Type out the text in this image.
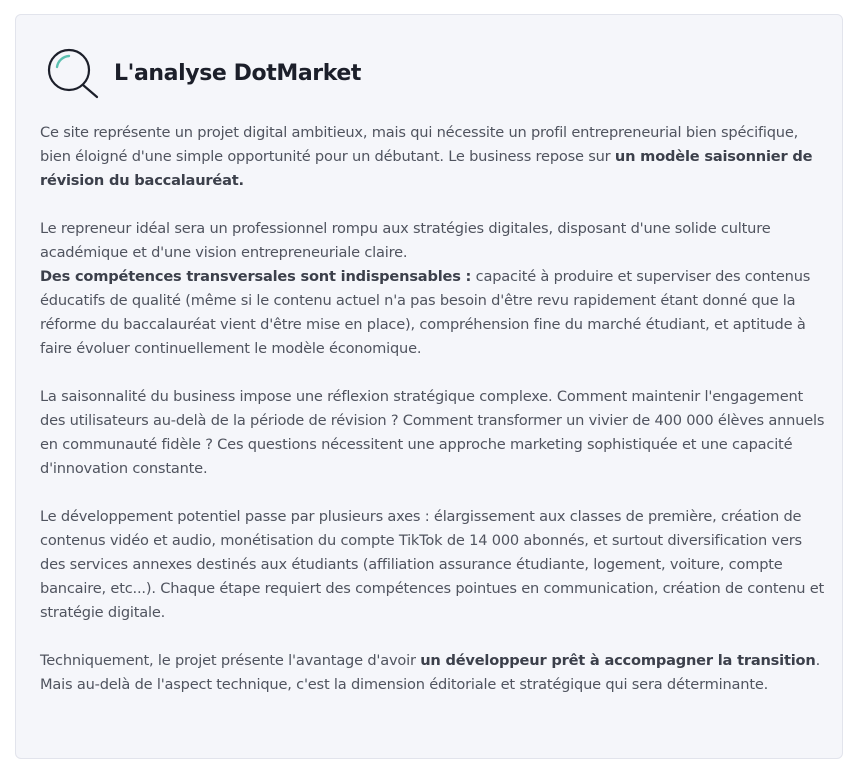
L'analyse DotMarket

Ce site représente un projet digital ambitieux, mais qui nécessite un profil entrepreneurial bien spécifique, bien éloigné d'une simple opportunité pour un débutant. Le business repose sur un modèle saisonnier de révision du baccalauréat.

Le repreneur idéal sera un professionnel rompu aux stratégies digitales, disposant d'une solide culture académique et d'une vision entrepreneuriale claire.

Des compétences transversales sont indispensables : capacité à produire et superviser des contenus éducatifs de qualité (même si le contenu actuel n'a pas besoin d'être revu rapidement étant donné que la réforme du baccalauréat vient d'être mise en place), compréhension fine du marché étudiant, et aptitude à faire évoluer continuellement le modèle économique.

La saisonnalité du business impose une réflexion stratégique complexe. Comment maintenir l'engagement des utilisateurs au-delà de la période de révision ? Comment transformer un vivier de 400 000 élèves annuels en communauté fidèle ? Ces questions nécessitent une approche marketing sophistiquée et une capacité d'innovation constante.

Le développement potentiel passe par plusieurs axes : élargissement aux classes de première, création de contenus vidéo et audio, monétisation du compte TikTok de 14 000 abonnés, et surtout diversification vers des services annexes destinés aux étudiants (affiliation assurance étudiante, logement, voiture, compte bancaire, etc...). Chaque étape requiert des compétences pointues en communication, création de contenu et stratégie digitale.

Techniquement, le projet présente l'avantage d'avoir un développeur prêt à accompagner la transition. Mais au-delà de l'aspect technique, c'est la dimension éditoriale et stratégique qui sera déterminante.
